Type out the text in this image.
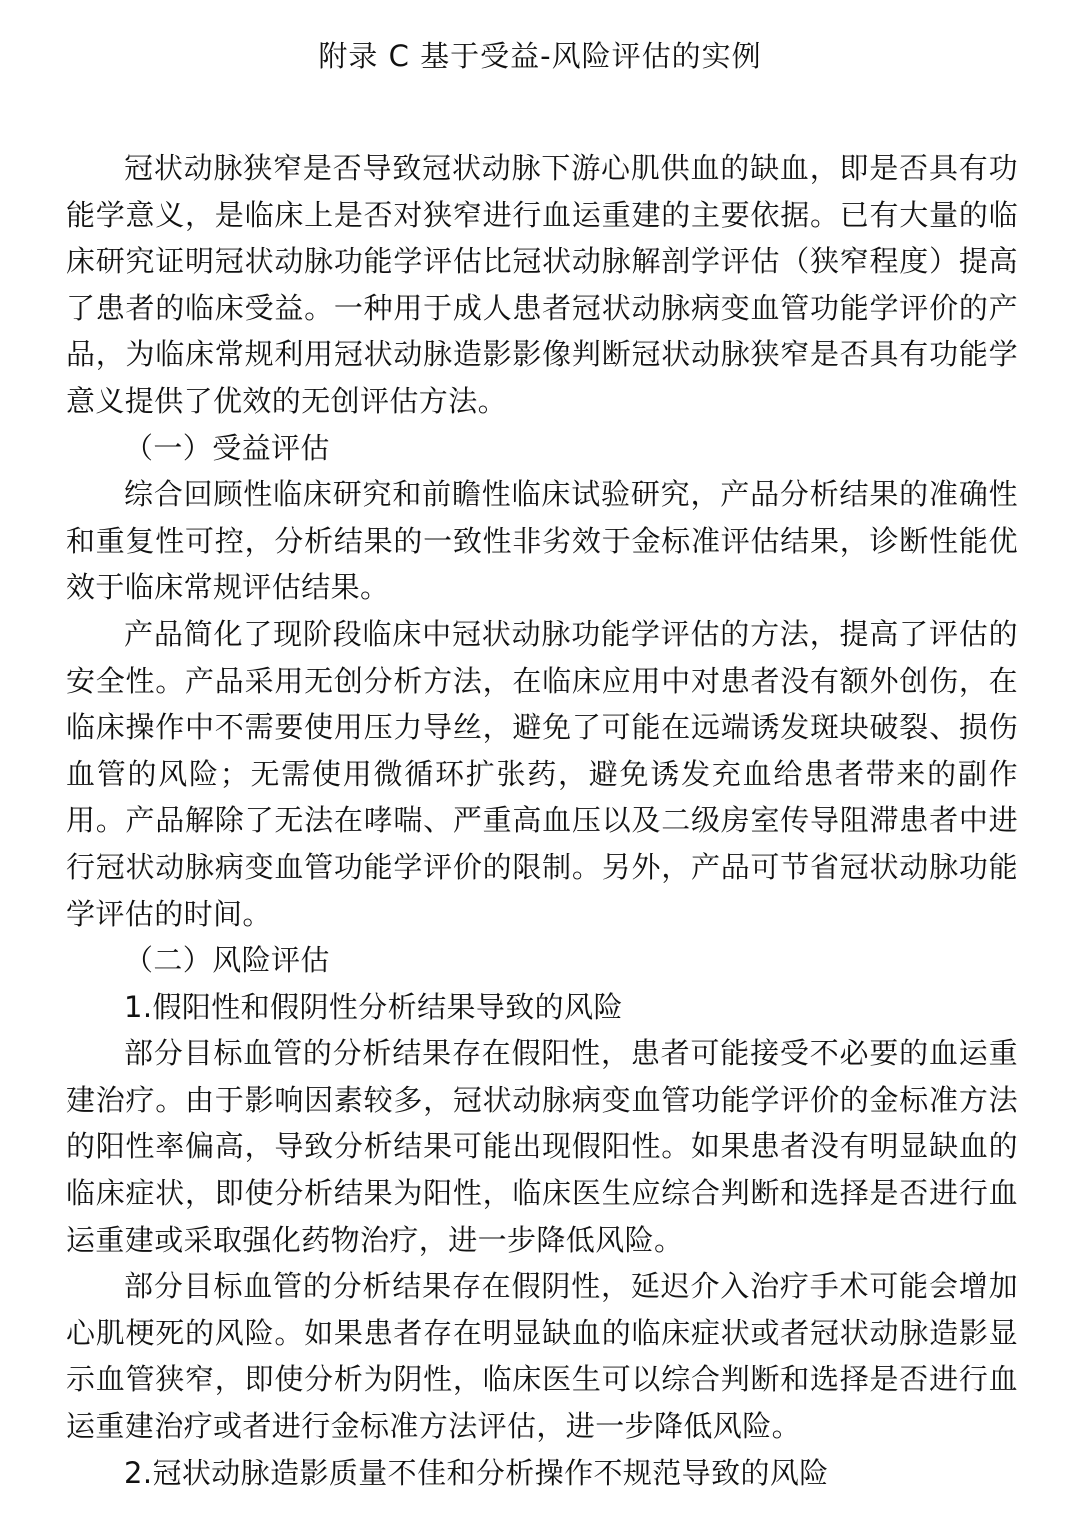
附录 C 基于受益-风险评估的实例

冠状动脉狭窄是否导致冠状动脉下游心肌供血的缺血，即是否具有功能学意义，是临床上是否对狭窄进行血运重建的主要依据。已有大量的临床研究证明冠状动脉功能学评估比冠状动脉解剖学评估（狭窄程度）提高了患者的临床受益。一种用于成人患者冠状动脉病变血管功能学评价的产品，为临床常规利用冠状动脉造影影像判断冠状动脉狭窄是否具有功能学意义提供了优效的无创评估方法。

（一）受益评估

综合回顾性临床研究和前瞻性临床试验研究，产品分析结果的准确性和重复性可控，分析结果的一致性非劣效于金标准评估结果，诊断性能优效于临床常规评估结果。

产品简化了现阶段临床中冠状动脉功能学评估的方法，提高了评估的安全性。产品采用无创分析方法，在临床应用中对患者没有额外创伤，在临床操作中不需要使用压力导丝，避免了可能在远端诱发斑块破裂、损伤血管的风险；无需使用微循环扩张药，避免诱发充血给患者带来的副作用。产品解除了无法在哮喘、严重高血压以及二级房室传导阻滞患者中进行冠状动脉病变血管功能学评价的限制。另外，产品可节省冠状动脉功能学评估的时间。

（二）风险评估

1.假阳性和假阴性分析结果导致的风险

部分目标血管的分析结果存在假阳性，患者可能接受不必要的血运重建治疗。由于影响因素较多，冠状动脉病变血管功能学评价的金标准方法的阳性率偏高，导致分析结果可能出现假阳性。如果患者没有明显缺血的临床症状，即使分析结果为阳性，临床医生应综合判断和选择是否进行血运重建或采取强化药物治疗，进一步降低风险。

部分目标血管的分析结果存在假阴性，延迟介入治疗手术可能会增加心肌梗死的风险。如果患者存在明显缺血的临床症状或者冠状动脉造影显示血管狭窄，即使分析为阴性，临床医生可以综合判断和选择是否进行血运重建治疗或者进行金标准方法评估，进一步降低风险。

2.冠状动脉造影质量不佳和分析操作不规范导致的风险
